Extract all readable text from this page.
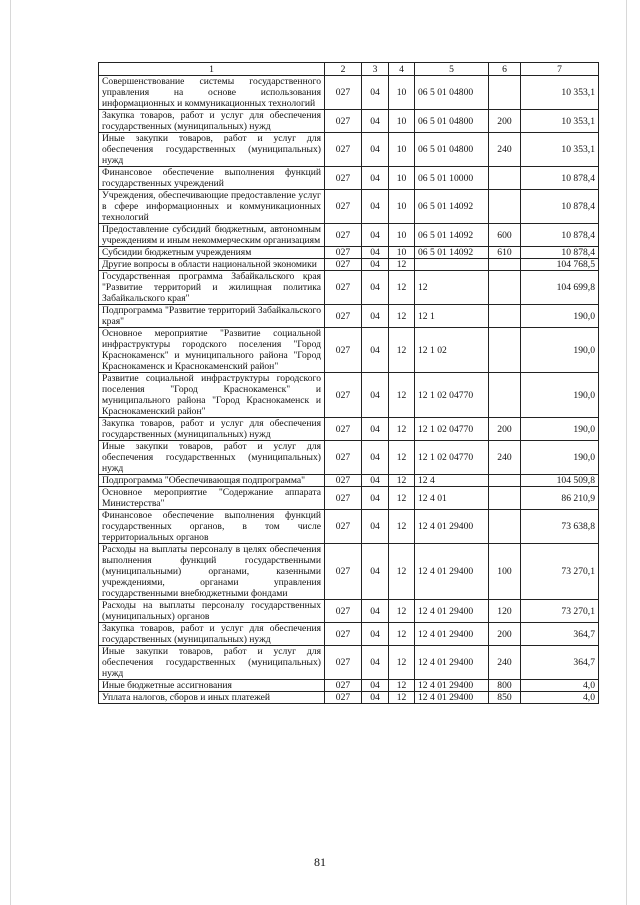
1	2	3	4	5	6	7
Совершенствование системы государственного управления на основе использования информационных и коммуникационных технологий	027	04	10	06 5 01 04800		10 353,1
Закупка товаров, работ и услуг для обеспечения государственных (муниципальных) нужд	027	04	10	06 5 01 04800	200	10 353,1
Иные закупки товаров, работ и услуг для обеспечения государственных (муниципальных) нужд	027	04	10	06 5 01 04800	240	10 353,1
Финансовое обеспечение выполнения функций государственных учреждений	027	04	10	06 5 01 10000		10 878,4
Учреждения, обеспечивающие предоставление услуг в сфере информационных и коммуникационных технологий	027	04	10	06 5 01 14092		10 878,4
Предоставление субсидий бюджетным, автономным учреждениям и иным некоммерческим организациям	027	04	10	06 5 01 14092	600	10 878,4
Субсидии бюджетным учреждениям	027	04	10	06 5 01 14092	610	10 878,4
Другие вопросы в области национальной экономики	027	04	12			104 768,5
Государственная программа Забайкальского края "Развитие территорий и жилищная политика Забайкальского края"	027	04	12	12		104 699,8
Подпрограмма "Развитие территорий Забайкальского края"	027	04	12	12 1		190,0
Основное мероприятие "Развитие социальной инфраструктуры городского поселения "Город Краснокаменск" и муниципального района "Город Краснокаменск и Краснокаменский район"	027	04	12	12 1 02		190,0
Развитие социальной инфраструктуры городского поселения "Город Краснокаменск" и муниципального района "Город Краснокаменск и Краснокаменский район"	027	04	12	12 1 02 04770		190,0
Закупка товаров, работ и услуг для обеспечения государственных (муниципальных) нужд	027	04	12	12 1 02 04770	200	190,0
Иные закупки товаров, работ и услуг для обеспечения государственных (муниципальных) нужд	027	04	12	12 1 02 04770	240	190,0
Подпрограмма "Обеспечивающая подпрограмма"	027	04	12	12 4		104 509,8
Основное мероприятие "Содержание аппарата Министерства"	027	04	12	12 4 01		86 210,9
Финансовое обеспечение выполнения функций государственных органов, в том числе территориальных органов	027	04	12	12 4 01 29400		73 638,8
Расходы на выплаты персоналу в целях обеспечения выполнения функций государственными (муниципальными) органами, казенными учреждениями, органами управления государственными внебюджетными фондами	027	04	12	12 4 01 29400	100	73 270,1
Расходы на выплаты персоналу государственных (муниципальных) органов	027	04	12	12 4 01 29400	120	73 270,1
Закупка товаров, работ и услуг для обеспечения государственных (муниципальных) нужд	027	04	12	12 4 01 29400	200	364,7
Иные закупки товаров, работ и услуг для обеспечения государственных (муниципальных) нужд	027	04	12	12 4 01 29400	240	364,7
Иные бюджетные ассигнования	027	04	12	12 4 01 29400	800	4,0
Уплата налогов, сборов и иных платежей	027	04	12	12 4 01 29400	850	4,0
81
